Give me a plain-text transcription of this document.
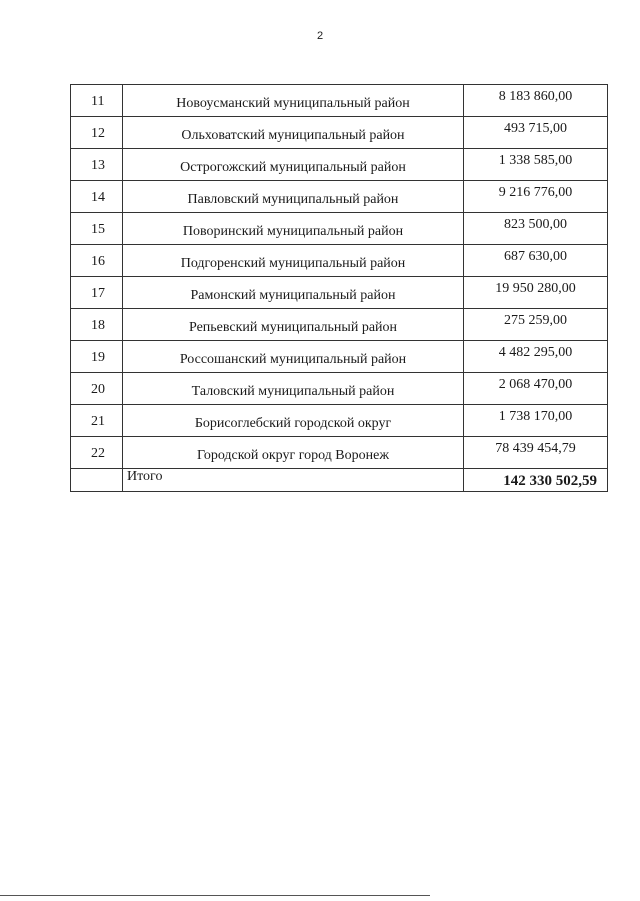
2
11	Новоусманский муниципальный район	8 183 860,00
12	Ольховатский муниципальный район	493 715,00
13	Острогожский муниципальный район	1 338 585,00
14	Павловский муниципальный район	9 216 776,00
15	Поворинский муниципальный район	823 500,00
16	Подгоренский муниципальный район	687 630,00
17	Рамонский муниципальный район	19 950 280,00
18	Репьевский муниципальный район	275 259,00
19	Россошанский муниципальный район	4 482 295,00
20	Таловский муниципальный район	2 068 470,00
21	Борисоглебский городской округ	1 738 170,00
22	Городской округ город Воронеж	78 439 454,79
	Итого	142 330 502,59
